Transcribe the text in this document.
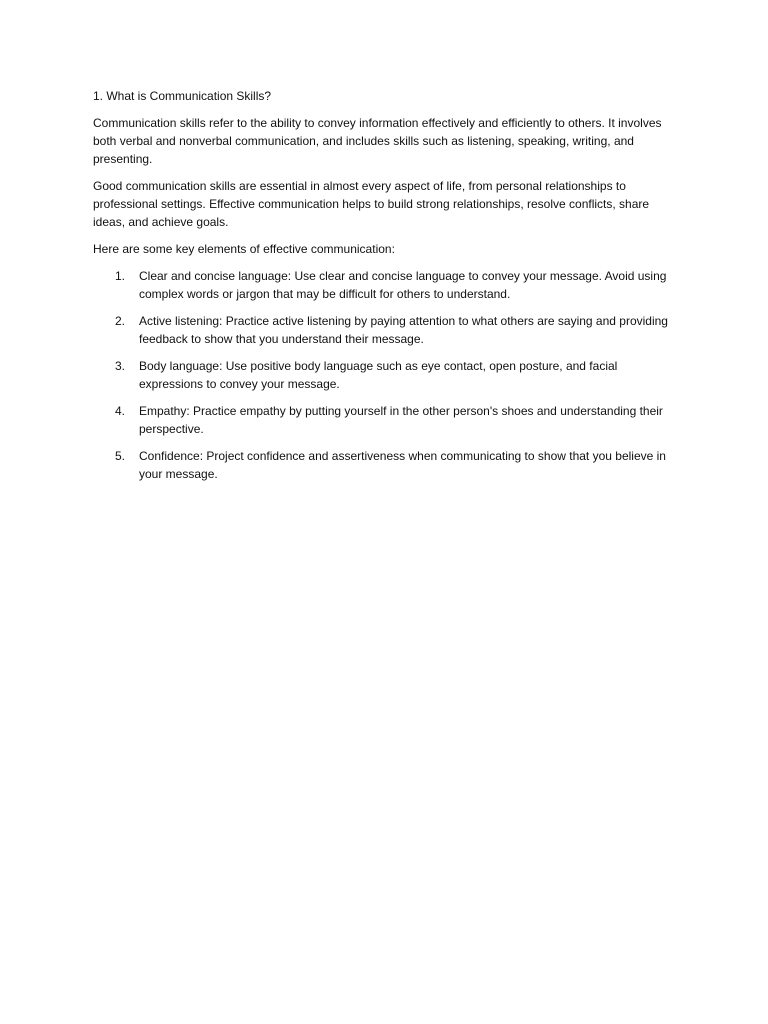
1. What is Communication Skills?

Communication skills refer to the ability to convey information effectively and efficiently to others. It involves both verbal and nonverbal communication, and includes skills such as listening, speaking, writing, and presenting.

Good communication skills are essential in almost every aspect of life, from personal relationships to professional settings. Effective communication helps to build strong relationships, resolve conflicts, share ideas, and achieve goals.

Here are some key elements of effective communication:

1. Clear and concise language: Use clear and concise language to convey your message. Avoid using complex words or jargon that may be difficult for others to understand.
2. Active listening: Practice active listening by paying attention to what others are saying and providing feedback to show that you understand their message.
3. Body language: Use positive body language such as eye contact, open posture, and facial expressions to convey your message.
4. Empathy: Practice empathy by putting yourself in the other person's shoes and understanding their perspective.
5. Confidence: Project confidence and assertiveness when communicating to show that you believe in your message.
